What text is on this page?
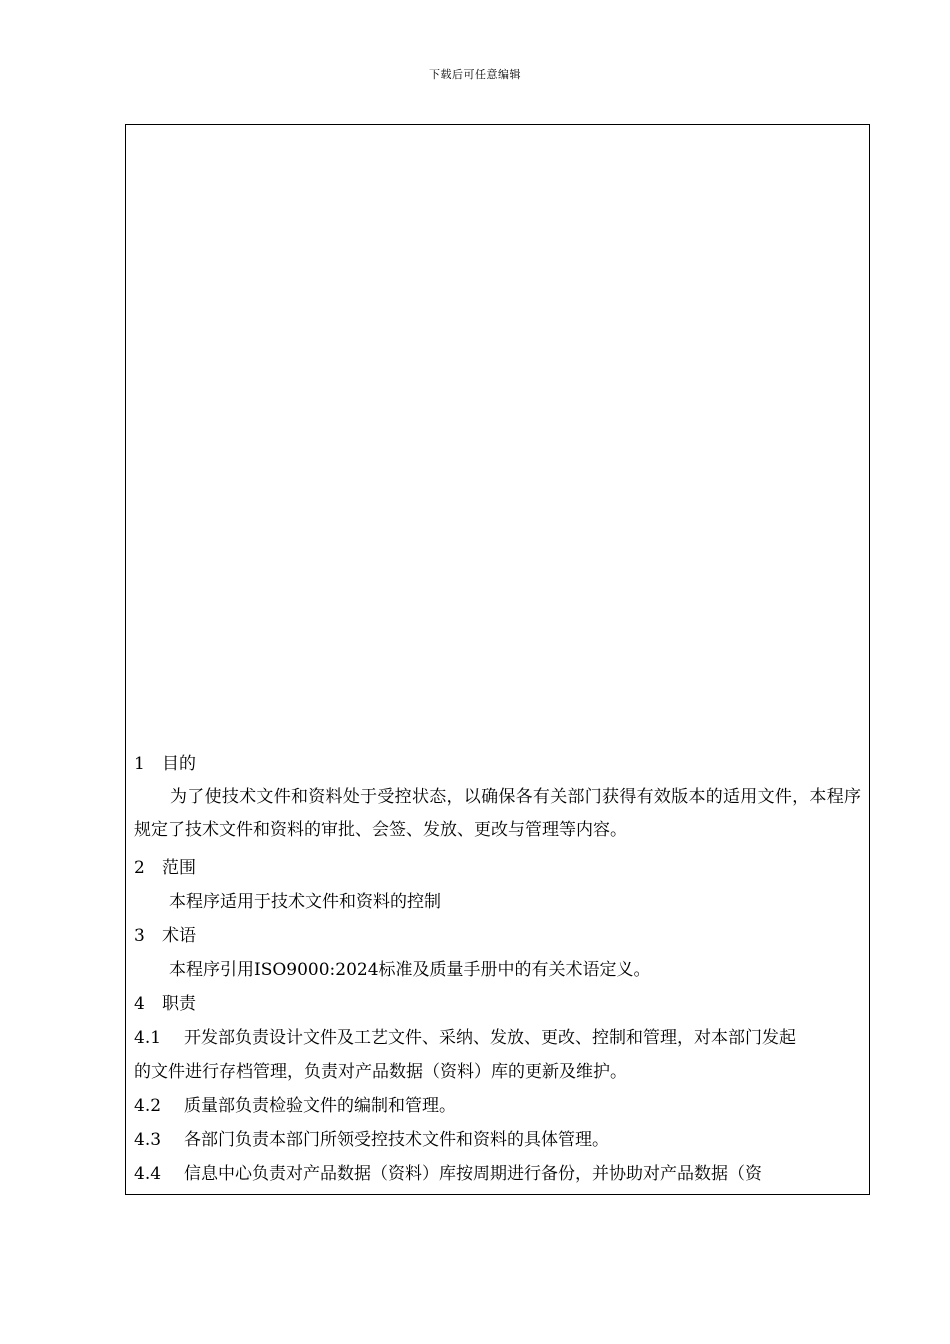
下载后可任意编辑
1 目的
为了使技术文件和资料处于受控状态，以确保各有关部门获得有效版本的适用文件，本程序规定了技术文件和资料的审批、会签、发放、更改与管理等内容。
2 范围
本程序适用于技术文件和资料的控制
3 术语
本程序引用ISO9000:2024标准及质量手册中的有关术语定义。
4 职责
4.1 开发部负责设计文件及工艺文件、采纳、发放、更改、控制和管理，对本部门发起
的文件进行存档管理，负责对产品数据（资料）库的更新及维护。
4.2 质量部负责检验文件的编制和管理。
4.3 各部门负责本部门所领受控技术文件和资料的具体管理。
4.4 信息中心负责对产品数据（资料）库按周期进行备份，并协助对产品数据（资
